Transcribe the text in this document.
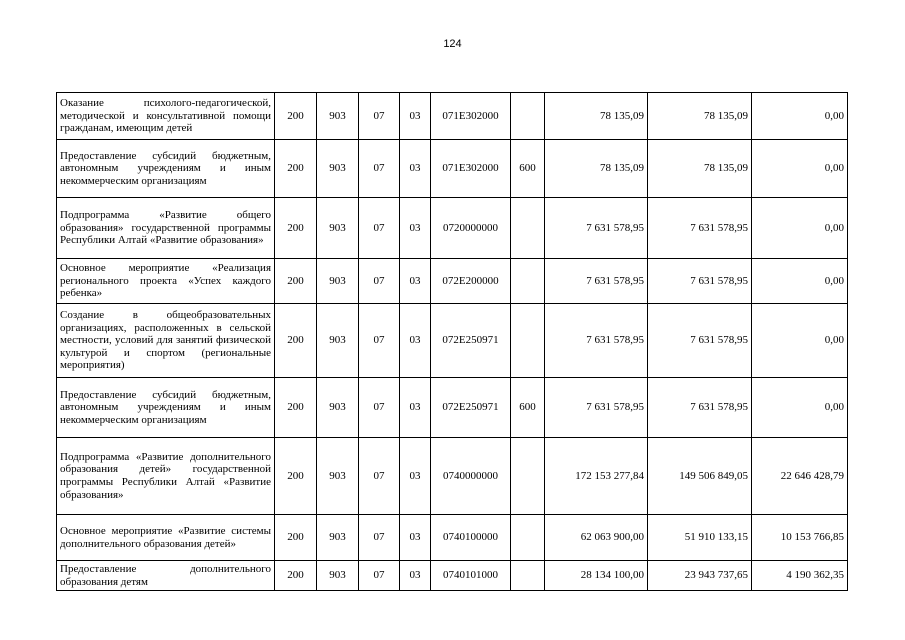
124
Оказание психолого-педагогической, методической и консультативной помощи гражданам, имеющим детей	200	903	07	03	071E302000		78 135,09	78 135,09	0,00
Предоставление субсидий бюджетным, автономным учреждениям и иным некоммерческим организациям	200	903	07	03	071E302000	600	78 135,09	78 135,09	0,00
Подпрограмма «Развитие общего образования» государственной программы Республики Алтай «Развитие образования»	200	903	07	03	0720000000		7 631 578,95	7 631 578,95	0,00
Основное мероприятие «Реализация регионального проекта «Успех каждого ребенка»	200	903	07	03	072E200000		7 631 578,95	7 631 578,95	0,00
Создание в общеобразовательных организациях, расположенных в сельской местности, условий для занятий физической культурой и спортом (региональные мероприятия)	200	903	07	03	072E250971		7 631 578,95	7 631 578,95	0,00
Предоставление субсидий бюджетным, автономным учреждениям и иным некоммерческим организациям	200	903	07	03	072E250971	600	7 631 578,95	7 631 578,95	0,00
Подпрограмма «Развитие дополнительного образования детей» государственной программы Республики Алтай «Развитие образования»	200	903	07	03	0740000000		172 153 277,84	149 506 849,05	22 646 428,79
Основное мероприятие «Развитие системы дополнительного образования детей»	200	903	07	03	0740100000		62 063 900,00	51 910 133,15	10 153 766,85
Предоставление дополнительного образования детям	200	903	07	03	0740101000		28 134 100,00	23 943 737,65	4 190 362,35
